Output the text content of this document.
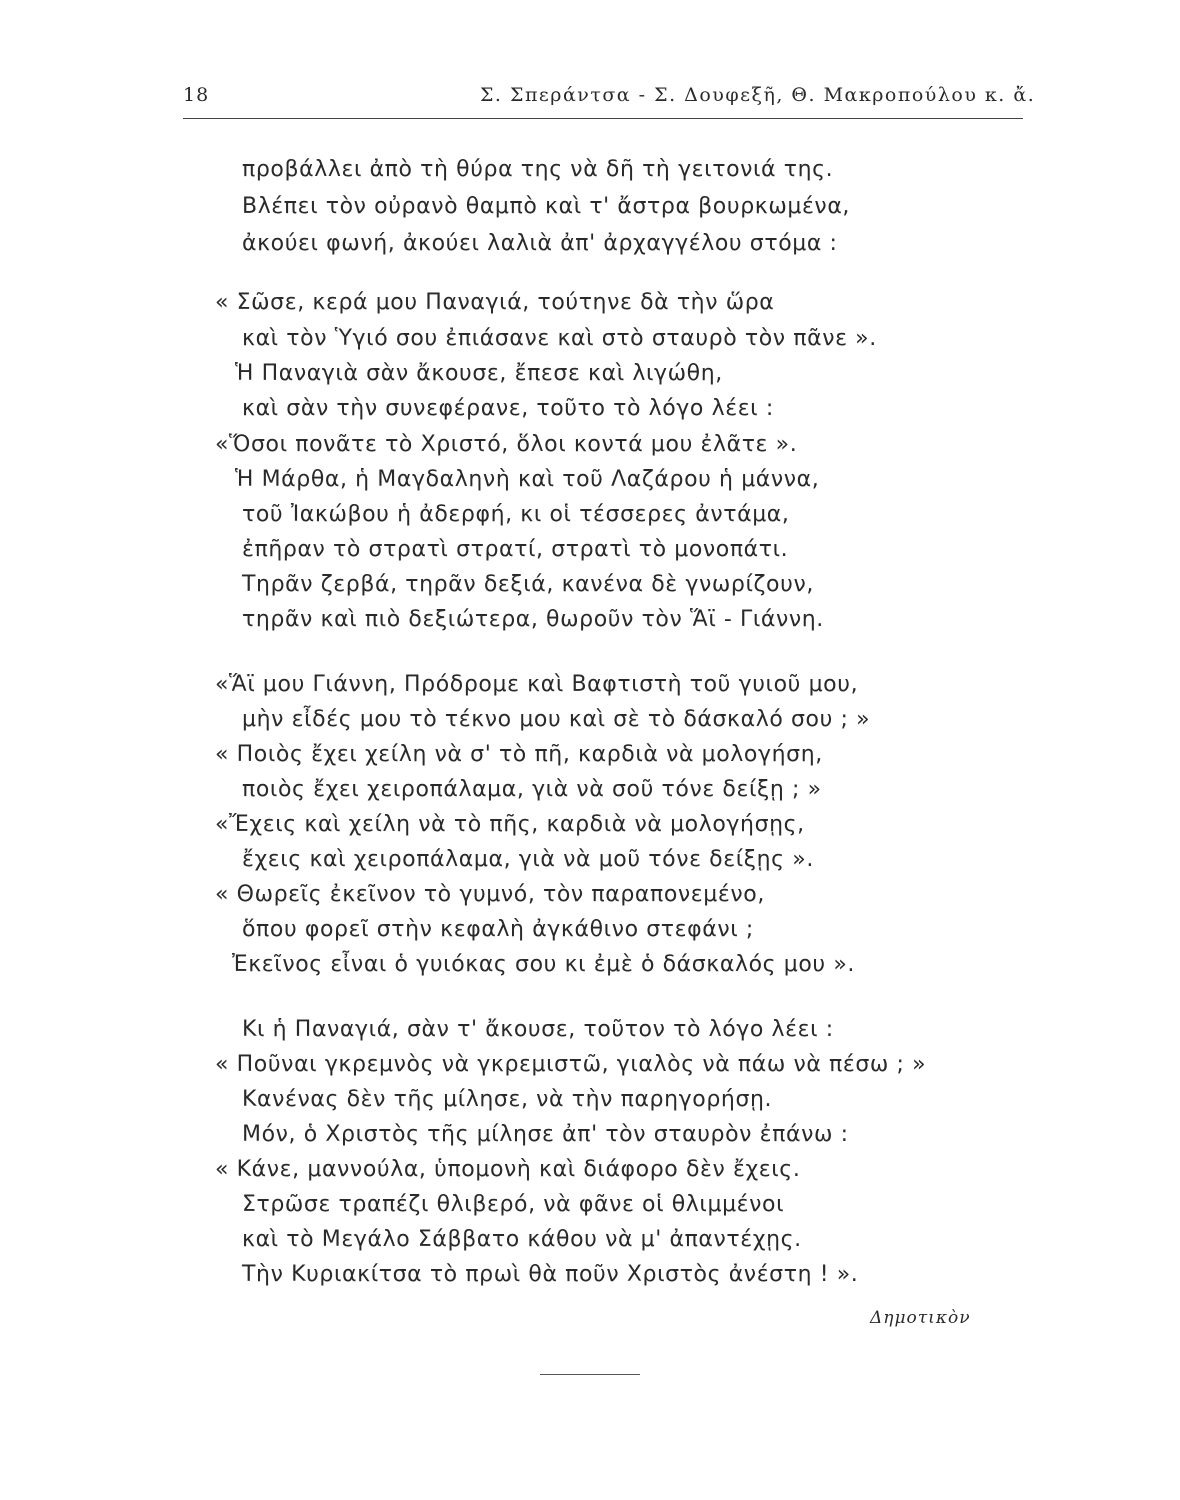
18	Σ. Σπεράντσα - Σ. Δουφεξῆ, Θ. Μακροπούλου κ. ἄ.
προβάλλει ἀπὸ τὴ θύρα της νὰ δῆ τὴ γειτονιά της.
Βλέπει τὸν οὐρανὸ θαμπὸ καὶ τ' ἄστρα βουρκωμένα,
ἀκούει φωνή, ἀκούει λαλιὰ ἀπ' ἀρχαγγέλου στόμα :
« Σῶσε, κερά μου Παναγιά, τούτηνε δὰ τὴν ὥρα
καὶ τὸν Ὑγιό σου ἐπιάσανε καὶ στὸ σταυρὸ τὸν πᾶνε ».
Ἡ Παναγιὰ σὰν ἄκουσε, ἔπεσε καὶ λιγώθη,
καὶ σὰν τὴν συνεφέρανε, τοῦτο τὸ λόγο λέει :
«Ὅσοι πονᾶτε τὸ Χριστό, ὅλοι κοντά μου ἐλᾶτε ».
Ἡ Μάρθα, ἡ Μαγδαληνὴ καὶ τοῦ Λαζάρου ἡ μάννα,
τοῦ Ἰακώβου ἡ ἀδερφή, κι οἱ τέσσερες ἀντάμα,
ἐπῆραν τὸ στρατὶ στρατί, στρατὶ τὸ μονοπάτι.
Τηρᾶν ζερβά, τηρᾶν δεξιά, κανένα δὲ γνωρίζουν,
τηρᾶν καὶ πιὸ δεξιώτερα, θωροῦν τὸν Ἅϊ - Γιάννη.
«Ἅϊ μου Γιάννη, Πρόδρομε καὶ Βαφτιστὴ τοῦ γυιοῦ μου,
μὴν εἶδές μου τὸ τέκνο μου καὶ σὲ τὸ δάσκαλό σου ; »
« Ποιὸς ἔχει χείλη νὰ σ' τὸ πῆ, καρδιὰ νὰ μολογήση,
ποιὸς ἔχει χειροπάλαμα, γιὰ νὰ σοῦ τόνε δείξῃ ; »
«Ἔχεις καὶ χείλη νὰ τὸ πῆς, καρδιὰ νὰ μολογήσῃς,
ἔχεις καὶ χειροπάλαμα, γιὰ νὰ μοῦ τόνε δείξῃς ».
« Θωρεῖς ἐκεῖνον τὸ γυμνό, τὸν παραπονεμένο,
ὅπου φορεῖ στὴν κεφαλὴ ἀγκάθινο στεφάνι ;
Ἐκεῖνος εἶναι ὁ γυιόκας σου κι ἐμὲ ὁ δάσκαλός μου ».
Κι ἡ Παναγιά, σὰν τ' ἄκουσε, τοῦτον τὸ λόγο λέει :
« Ποῦναι γκρεμνὸς νὰ γκρεμιστῶ, γιαλὸς νὰ πάω νὰ πέσω ; »
Κανένας δὲν τῆς μίλησε, νὰ τὴν παρηγορήσῃ.
Μόν, ὁ Χριστὸς τῆς μίλησε ἀπ' τὸν σταυρὸν ἐπάνω :
« Κάνε, μαννούλα, ὑπομονὴ καὶ διάφορο δὲν ἔχεις.
Στρῶσε τραπέζι θλιβερό, νὰ φᾶνε οἱ θλιμμένοι
καὶ τὸ Μεγάλο Σάββατο κάθου νὰ μ' ἀπαντέχῃς.
Τὴν Κυριακίτσα τὸ πρωὶ θὰ ποῦν Χριστὸς ἀνέστη ! ».
Δημοτικὸν
